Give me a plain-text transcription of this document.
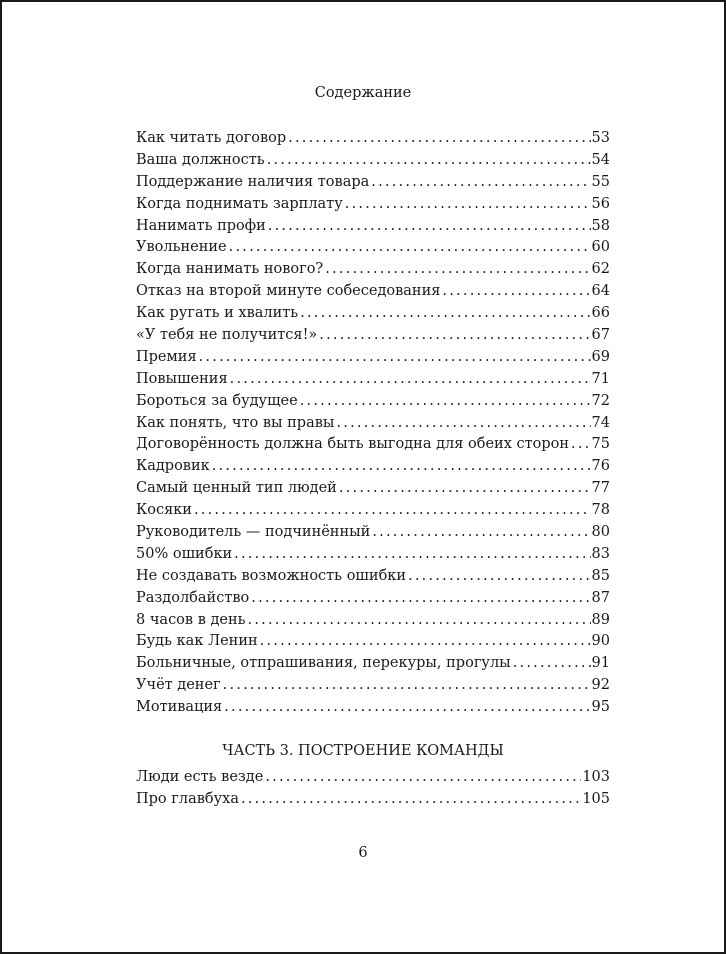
Содержание
Как читать договор . . .	53
Ваша должность . . .	54
Поддержание наличия товара . . .	55
Когда поднимать зарплату . . .	56
Нанимать профи . . .	58
Увольнение . . .	60
Когда нанимать нового? . . .	62
Отказ на второй минуте собеседования . . .	64
Как ругать и хвалить . . .	66
«У тебя не получится!» . . .	67
Премия . . .	69
Повышения . . .	71
Бороться за будущее . . .	72
Как понять, что вы правы . . .	74
Договорённость должна быть выгодна для обеих сторон . . . 75
Кадровик . . .	76
Самый ценный тип людей . . .	77
Косяки . . .	78
Руководитель — подчинённый . . .	80
50% ошибки . . .	83
Не создавать возможность ошибки . . .	85
Раздолбайство . . .	87
8 часов в день . . .	89
Будь как Ленин . . .	90
Больничные, отпрашивания, перекуры, прогулы . . .	91
Учёт денег . . .	92
Мотивация . . .	95
ЧАСТЬ 3. ПОСТРОЕНИЕ КОМАНДЫ
Люди есть везде . . .	103
Про главбуха . . .	105
6
